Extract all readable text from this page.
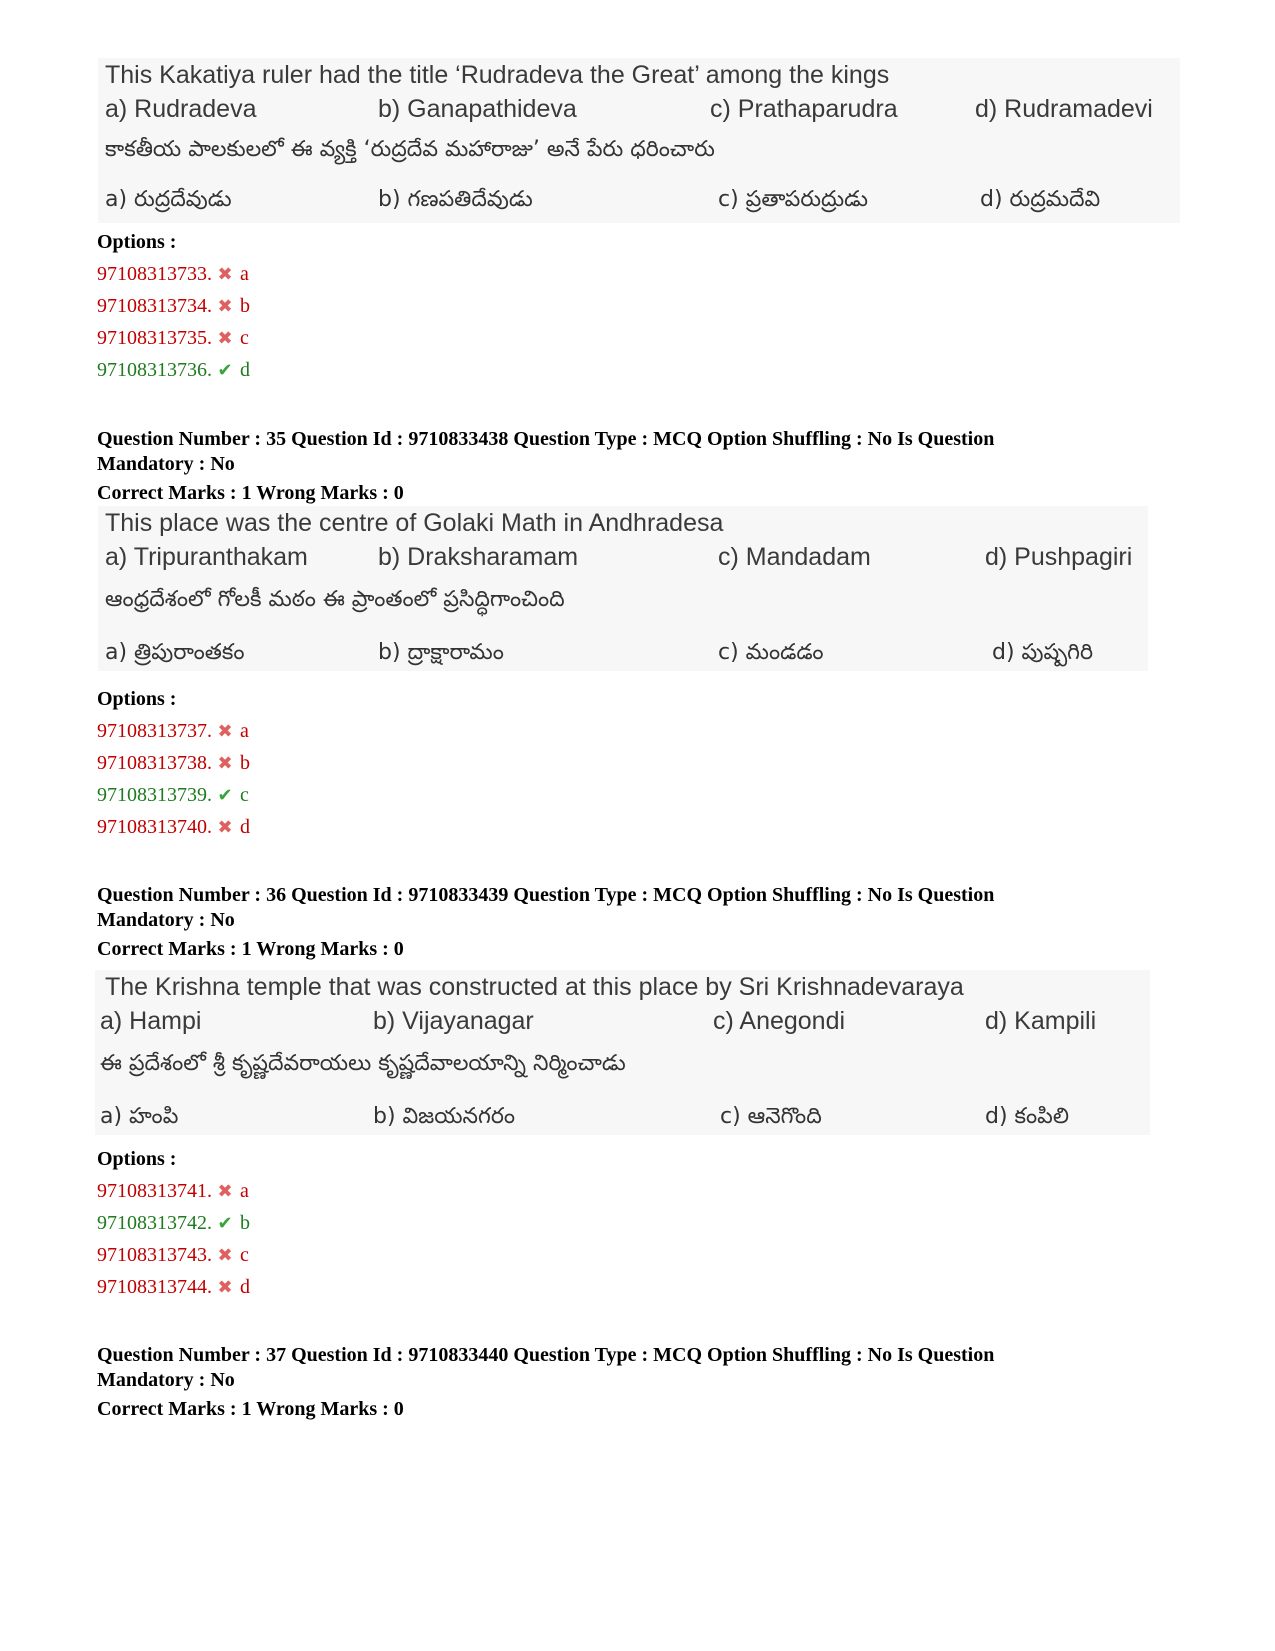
This Kakatiya ruler had the title ‘Rudradeva the Great’ among the kings
a) Rudradeva	b) Ganapathideva	c) Prathaparudra	d) Rudramadevi
కాకతీయ పాలకులలో ఈ వ్యక్తి ‘రుద్రదేవ మహారాజు’ అనే పేరు ధరించారు
a) రుద్రదేవుడు	b) గణపతిదేవుడు	c) ప్రతాపరుద్రుడు	d) రుద్రమదేవి
Options :
97108313733. ✖ a
97108313734. ✖ b
97108313735. ✖ c
97108313736. ✔ d
Question Number : 35 Question Id : 9710833438 Question Type : MCQ Option Shuffling : No Is Question
Mandatory : No
Correct Marks : 1 Wrong Marks : 0
This place was the centre of Golaki Math in Andhradesa
a) Tripuranthakam	b) Draksharamam	c) Mandadam	d) Pushpagiri
ఆంధ్రదేశంలో గోలకీ మఠం ఈ ప్రాంతంలో ప్రసిద్ధిగాంచింది
a) త్రిపురాంతకం	b) ద్రాక్షారామం	c) మండడం	d) పుష్పగిరి
Options :
97108313737. ✖ a
97108313738. ✖ b
97108313739. ✔ c
97108313740. ✖ d
Question Number : 36 Question Id : 9710833439 Question Type : MCQ Option Shuffling : No Is Question
Mandatory : No
Correct Marks : 1 Wrong Marks : 0
The Krishna temple that was constructed at this place by Sri Krishnadevaraya
a) Hampi	b) Vijayanagar	c) Anegondi	d) Kampili
ఈ ప్రదేశంలో శ్రీ కృష్ణదేవరాయలు కృష్ణదేవాలయాన్ని నిర్మించాడు
a) హంపి	b) విజయనగరం	c) ఆనెగొంది	d) కంపిలి
Options :
97108313741. ✖ a
97108313742. ✔ b
97108313743. ✖ c
97108313744. ✖ d
Question Number : 37 Question Id : 9710833440 Question Type : MCQ Option Shuffling : No Is Question
Mandatory : No
Correct Marks : 1 Wrong Marks : 0
